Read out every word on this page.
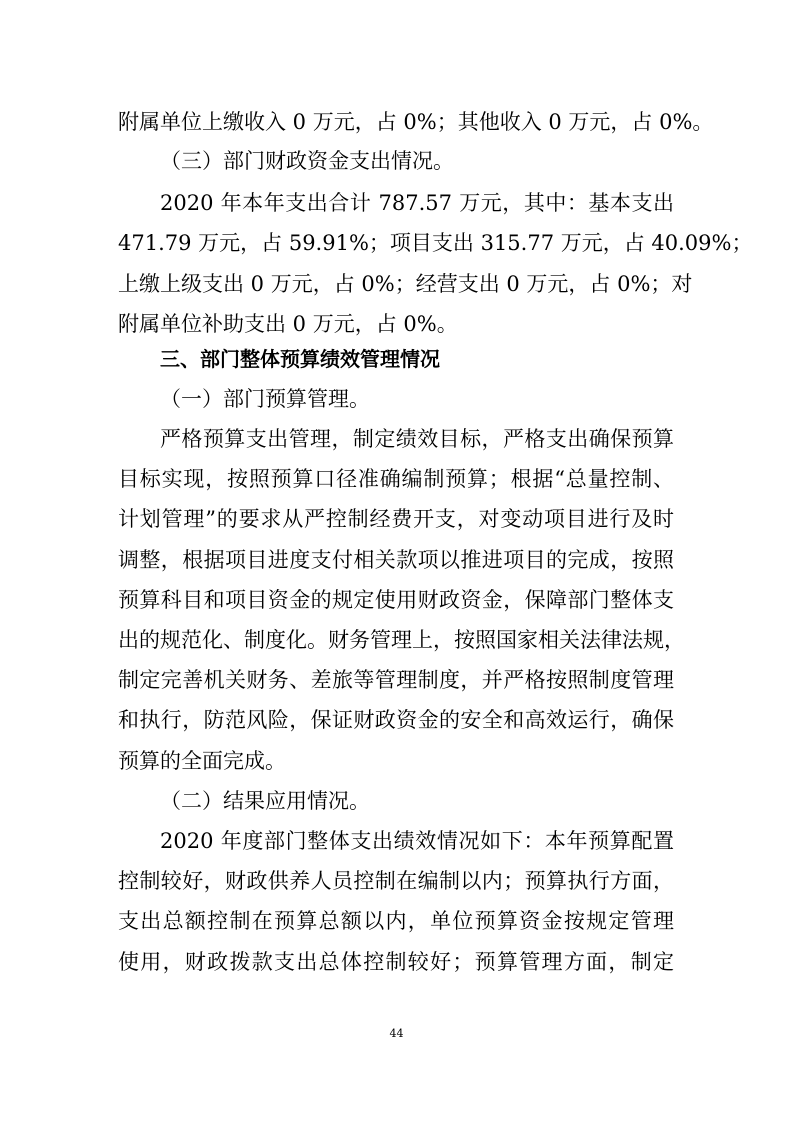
附属单位上缴收入 0 万元，占 0%；其他收入 0 万元，占 0%。
（三）部门财政资金支出情况。
2020 年本年支出合计 787.57 万元，其中：基本支出
471.79 万元，占 59.91%；项目支出 315.77 万元，占 40.09%；
上缴上级支出 0 万元，占 0%；经营支出 0 万元，占 0%；对
附属单位补助支出 0 万元，占 0%。
三、部门整体预算绩效管理情况
（一）部门预算管理。
严格预算支出管理，制定绩效目标，严格支出确保预算
目标实现，按照预算口径准确编制预算；根据“总量控制、
计划管理”的要求从严控制经费开支，对变动项目进行及时
调整，根据项目进度支付相关款项以推进项目的完成，按照
预算科目和项目资金的规定使用财政资金，保障部门整体支
出的规范化、制度化。财务管理上，按照国家相关法律法规，
制定完善机关财务、差旅等管理制度，并严格按照制度管理
和执行，防范风险，保证财政资金的安全和高效运行，确保
预算的全面完成。
（二）结果应用情况。
2020 年度部门整体支出绩效情况如下：本年预算配置
控制较好，财政供养人员控制在编制以内；预算执行方面，
支出总额控制在预算总额以内，单位预算资金按规定管理
使用，财政拨款支出总体控制较好；预算管理方面，制定
44
